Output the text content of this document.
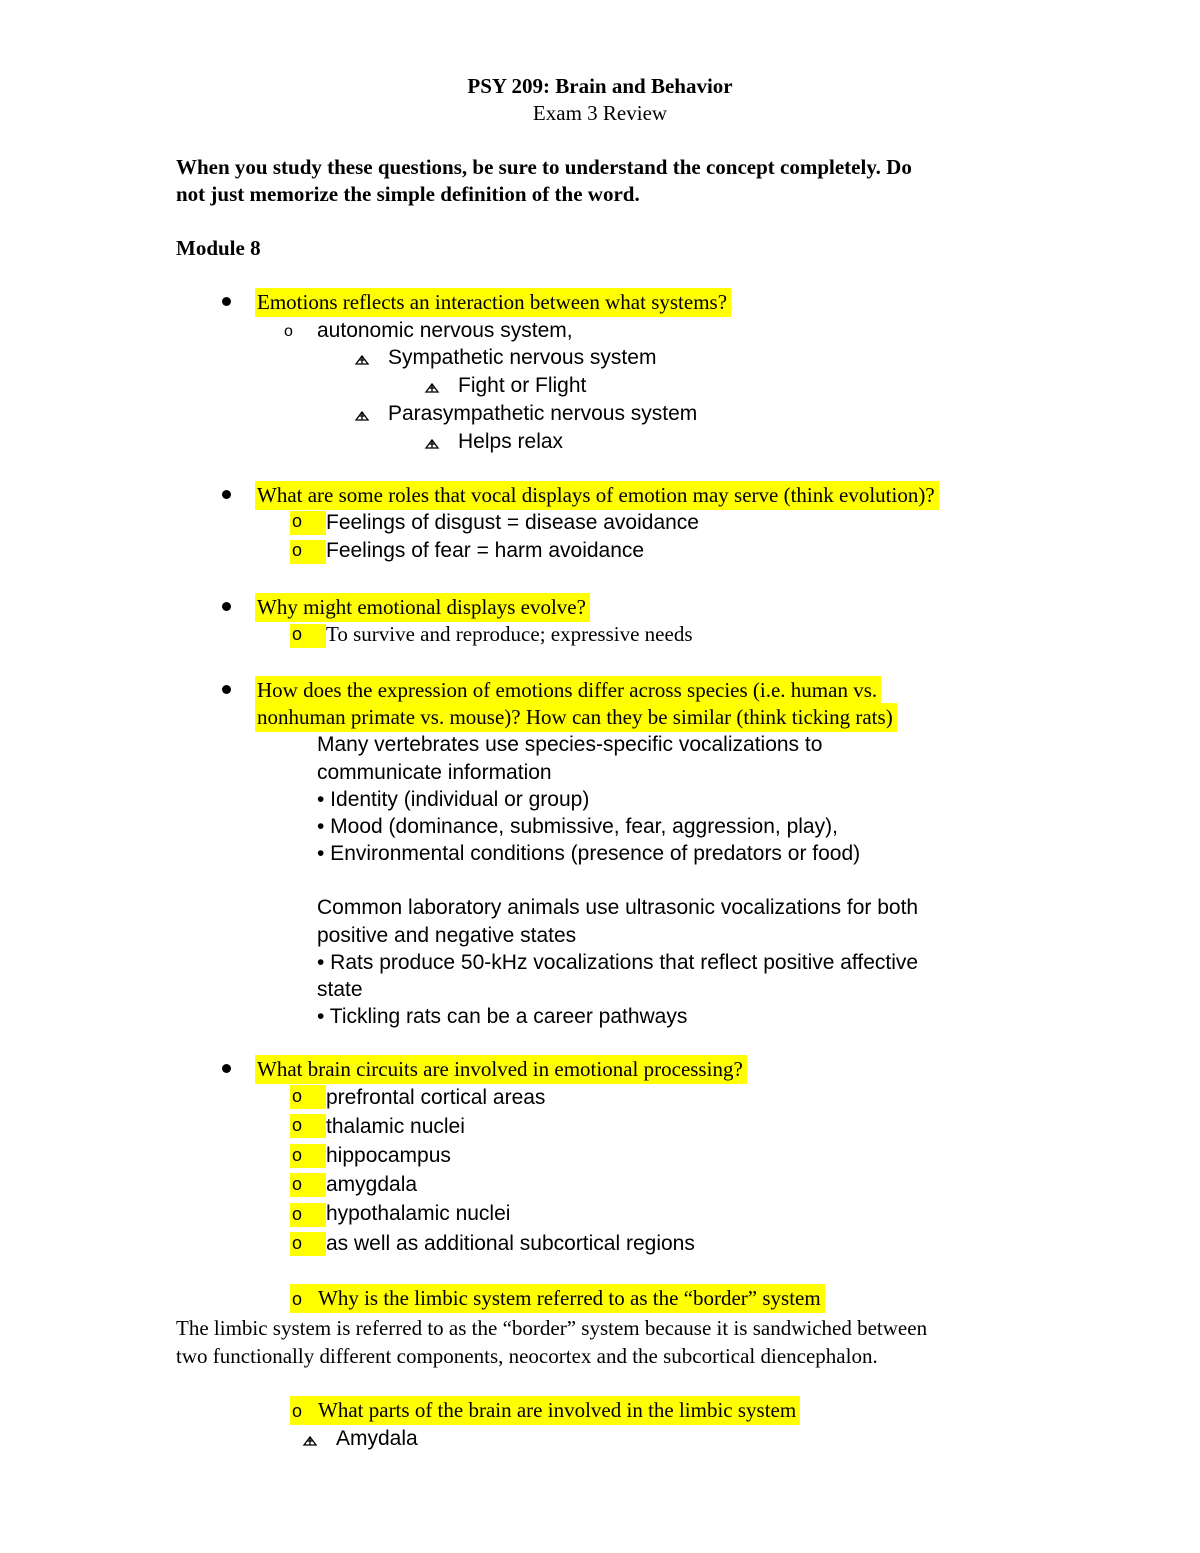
PSY 209: Brain and Behavior
Exam 3 Review
When you study these questions, be sure to understand the concept completely. Do
not just memorize the simple definition of the word.
Module 8
Emotions reflects an interaction between what systems?
o autonomic nervous system,
Sympathetic nervous system
Fight or Flight
Parasympathetic nervous system
Helps relax
What are some roles that vocal displays of emotion may serve (think evolution)?
o Feelings of disgust = disease avoidance
o Feelings of fear = harm avoidance
Why might emotional displays evolve?
o To survive and reproduce; expressive needs
How does the expression of emotions differ across species (i.e. human vs.
nonhuman primate vs. mouse)? How can they be similar (think ticking rats)
Many vertebrates use species-specific vocalizations to
communicate information
• Identity (individual or group)
• Mood (dominance, submissive, fear, aggression, play),
• Environmental conditions (presence of predators or food)
Common laboratory animals use ultrasonic vocalizations for both
positive and negative states
• Rats produce 50-kHz vocalizations that reflect positive affective
state
• Tickling rats can be a career pathways
What brain circuits are involved in emotional processing?
o prefrontal cortical areas
o thalamic nuclei
o hippocampus
o amygdala
o hypothalamic nuclei
o as well as additional subcortical regions
o Why is the limbic system referred to as the “border” system
The limbic system is referred to as the “border” system because it is sandwiched between
two functionally different components, neocortex and the subcortical diencephalon.
o What parts of the brain are involved in the limbic system
Amydala
